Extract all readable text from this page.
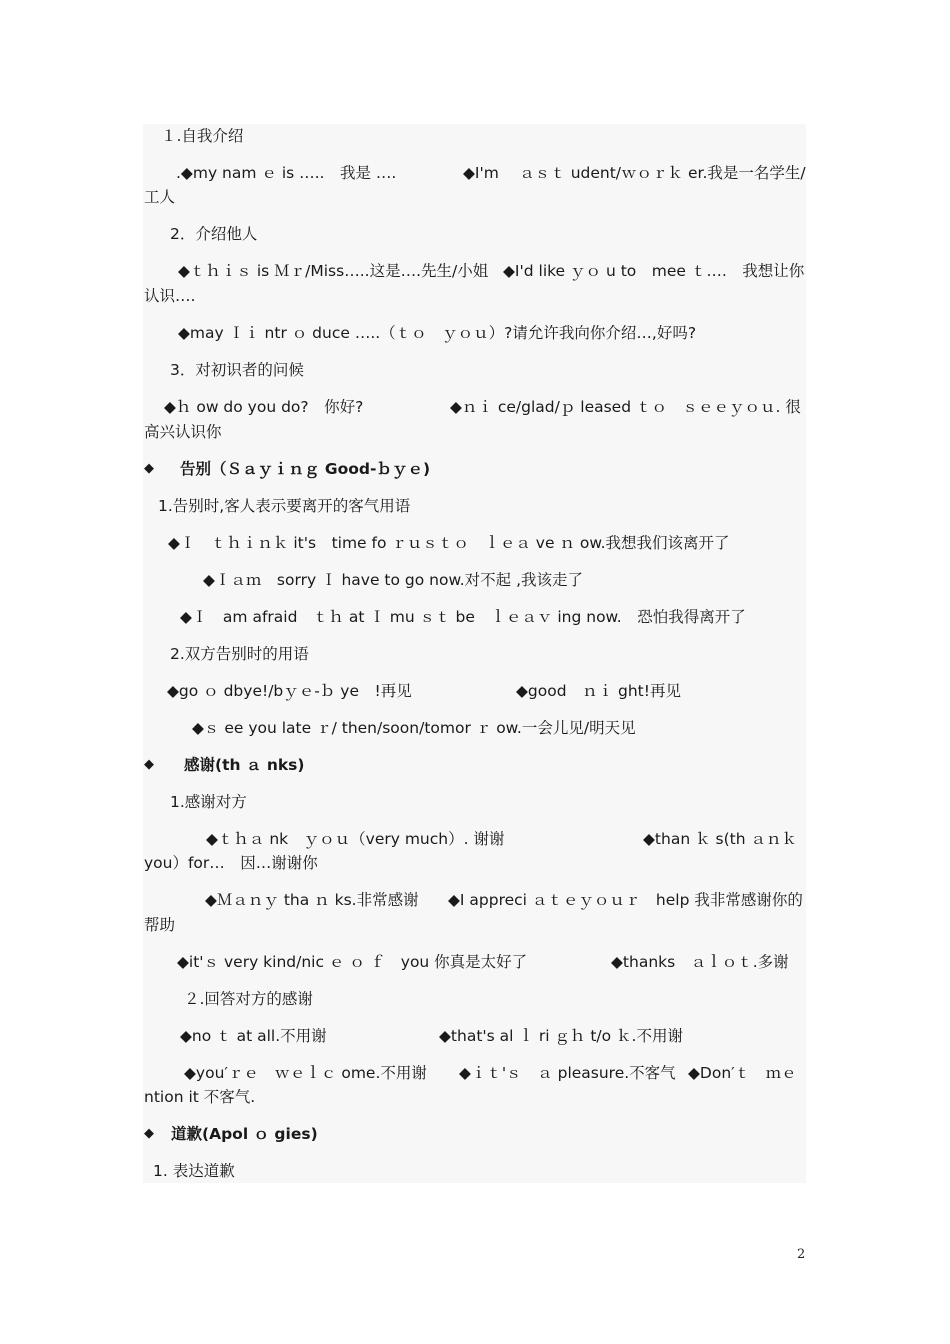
１.自我介绍
.◆my nam ｅ is …..　我是 ….　　　　 ◆I'm 　ａｓｔ udent/ｗｏｒｋ er.我是一名学生/
工人
2．介绍他人
◆ｔｈｉｓ is Ｍｒ/Miss…..这是….先生/小姐 ◆I'd like ｙｏ u to　mee ｔ….　我想让你
认识….
◆may Ｉｉ ntr ｏ duce …..（ｔｏ　ｙｏｕ）?请允许我向你介绍…,好吗?
3．对初识者的问候
◆ｈ ow do you do?　你好?	◆ｎｉ ce/glad/ｐ leased ｔｏ　ｓｅｅｙｏｕ. 很
高兴认识你
◆ 告别（Ｓａｙｉｎｇ Good-ｂｙｅ)
1.告别时,客人表示要离开的客气用语
◆Ｉ　ｔｈｉｎｋ it's　time fo ｒｕｓｔｏ　ｌｅａ ve ｎ ow.我想我们该离开了
◆Ｉａｍ　sorry Ｉ have to go now.对不起 ,我该走了
◆Ｉ　am afraid　ｔｈ at Ｉ mu ｓｔ be　ｌｅａｖ ing now.　恐怕我得离开了
2.双方告别时的用语
◆go ｏ dbye!/bｙｅ-ｂ ye　!再见	◆good　ｎｉ ght!再见
◆ｓ ee you late ｒ/ then/soon/tomor ｒ ow.一会儿见/明天见
◆ 感谢(th ａ nks)
1.感谢对方
◆ｔｈａ nk　ｙｏｕ（very much）. 谢谢	◆than ｋ s(th ａｎｋ
you）for…　因…谢谢你
◆Ｍａｎｙ tha ｎ ks.非常感谢 ◆I appreci ａｔｅｙｏｕｒ　help 我非常感谢你的
帮助
◆it'ｓ very kind/nic ｅ ｏ ｆ　you 你真是太好了	◆thanks　ａｌｏｔ.多谢
２.回答对方的感谢
◆no ｔ at all.不用谢	◆that's al ｌ ri ｇｈ t/o ｋ.不用谢
◆you′ｒｅ　ｗｅｌｃ ome.不用谢 ◆ｉｔ'ｓ　ａ pleasure.不客气 ◆Don′ｔ　ｍｅ
ntion it 不客气.
◆ 道歉(Apol ｏ gies)
1. 表达道歉
2
